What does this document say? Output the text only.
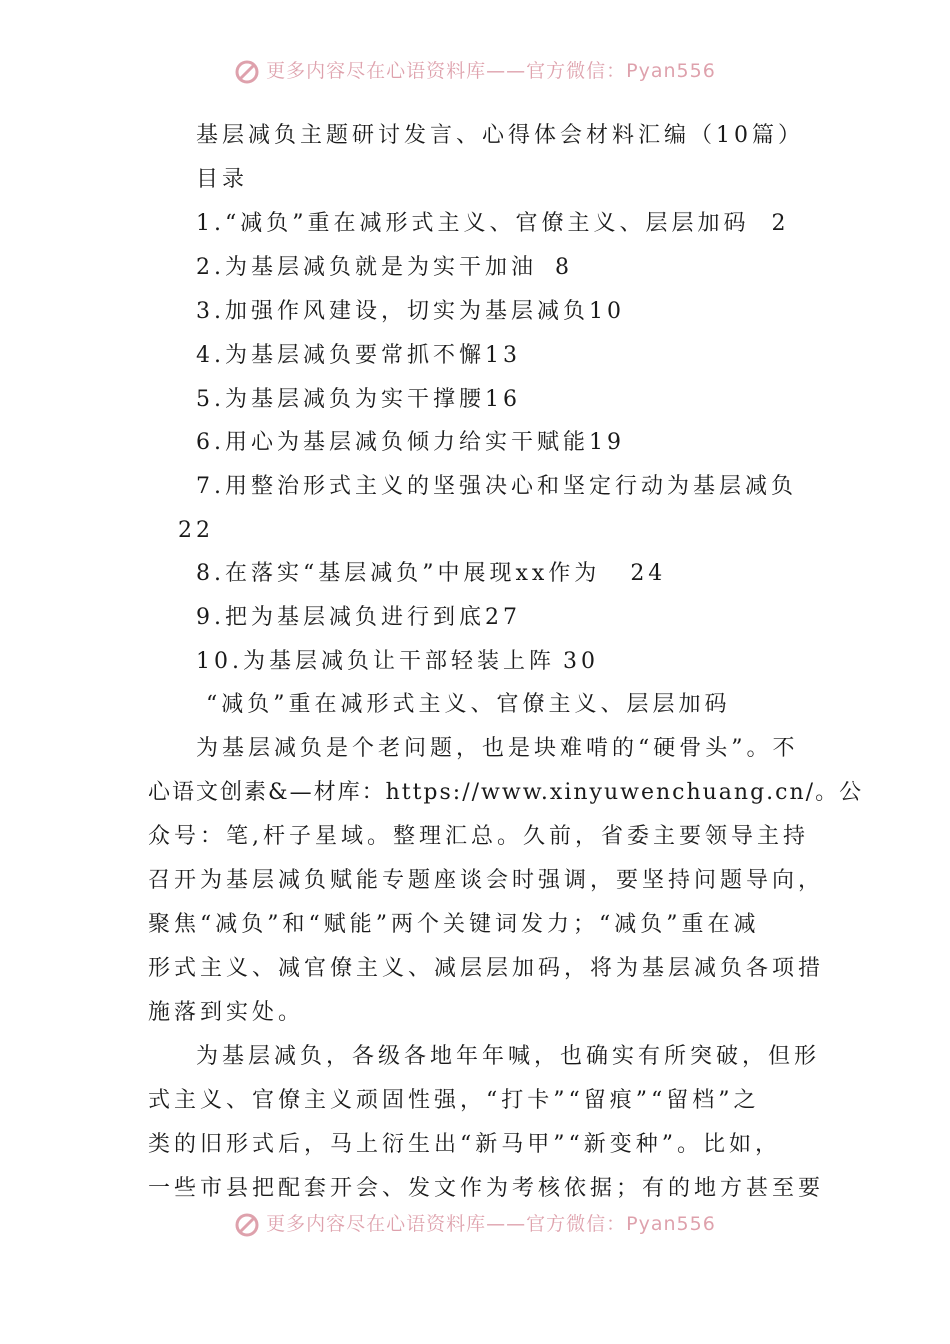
更多内容尽在心语资料库——官方微信：Pyan556
基层减负主题研讨发言、心得体会材料汇编（10篇）
目录
1.“减负”重在减形式主义、官僚主义、层层加码 2
2.为基层减负就是为实干加油 8
3.加强作风建设，切实为基层减负10
4.为基层减负要常抓不懈13
5.为基层减负为实干撑腰16
6.用心为基层减负倾力给实干赋能19
7.用整治形式主义的坚强决心和坚定行动为基层减负
22
8.在落实“基层减负”中展现xx作为 24
9.把为基层减负进行到底27
10.为基层减负让干部轻装上阵 30
“减负”重在减形式主义、官僚主义、层层加码
为基层减负是个老问题，也是块难啃的“硬骨头”。不
心语文创素&—材库：https://www.xinyuwenchuang.cn/。公
众号：笔,杆子星域。整理汇总。久前，省委主要领导主持
召开为基层减负赋能专题座谈会时强调，要坚持问题导向，
聚焦“减负”和“赋能”两个关键词发力；“减负”重在减
形式主义、减官僚主义、减层层加码，将为基层减负各项措
施落到实处。
为基层减负，各级各地年年喊，也确实有所突破，但形
式主义、官僚主义顽固性强，“打卡”“留痕”“留档”之
类的旧形式后，马上衍生出“新马甲”“新变种”。比如，
一些市县把配套开会、发文作为考核依据；有的地方甚至要
更多内容尽在心语资料库——官方微信：Pyan556
